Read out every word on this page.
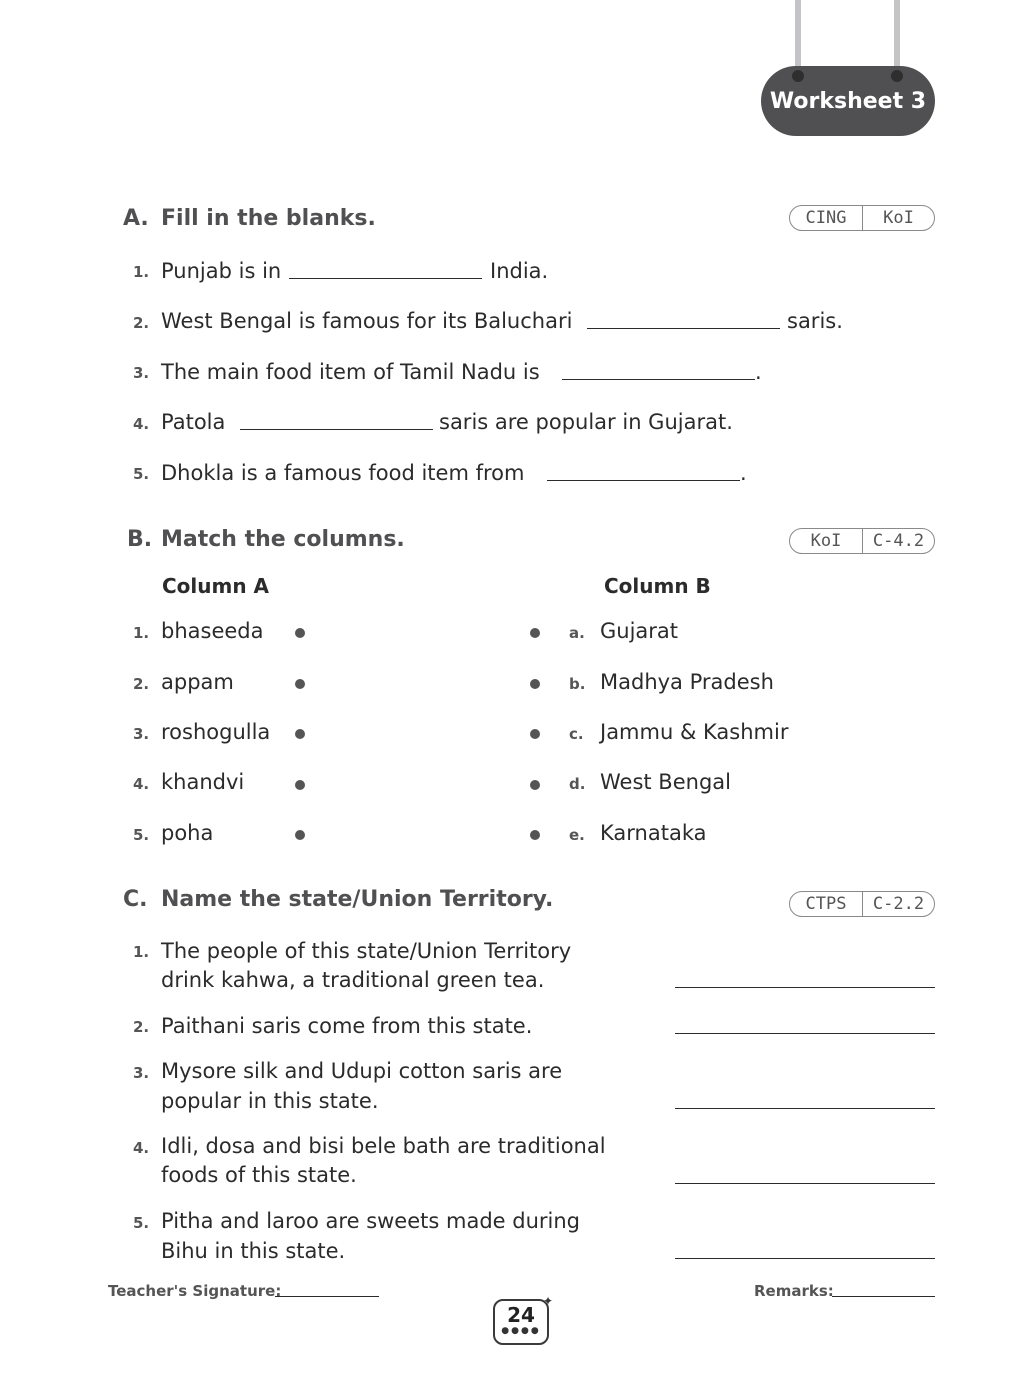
Worksheet 3
A. Fill in the blanks.	CING	KoI
1. Punjab is in	India.
2. West Bengal is famous for its Baluchari	saris.
3. The main food item of Tamil Nadu is	.
4. Patola	saris are popular in Gujarat.
5. Dhokla is a famous food item from	.
B. Match the columns.	KoI	C-4.2
Column A	Column B
1. bhaseeda	a. Gujarat
2. appam	b. Madhya Pradesh
3. roshogulla	c. Jammu & Kashmir
4. khandvi	d. West Bengal
5. poha	e. Karnataka
C. Name the state/Union Territory.	CTPS	C-2.2
1. The people of this state/Union Territory
drink kahwa, a traditional green tea.
2. Paithani saris come from this state.
3. Mysore silk and Udupi cotton saris are
popular in this state.
4. Idli, dosa and bisi bele bath are traditional
foods of this state.
5. Pitha and laroo are sweets made during
Bihu in this state.
Teacher's Signature:	Remarks:
24
●●●●
✦
